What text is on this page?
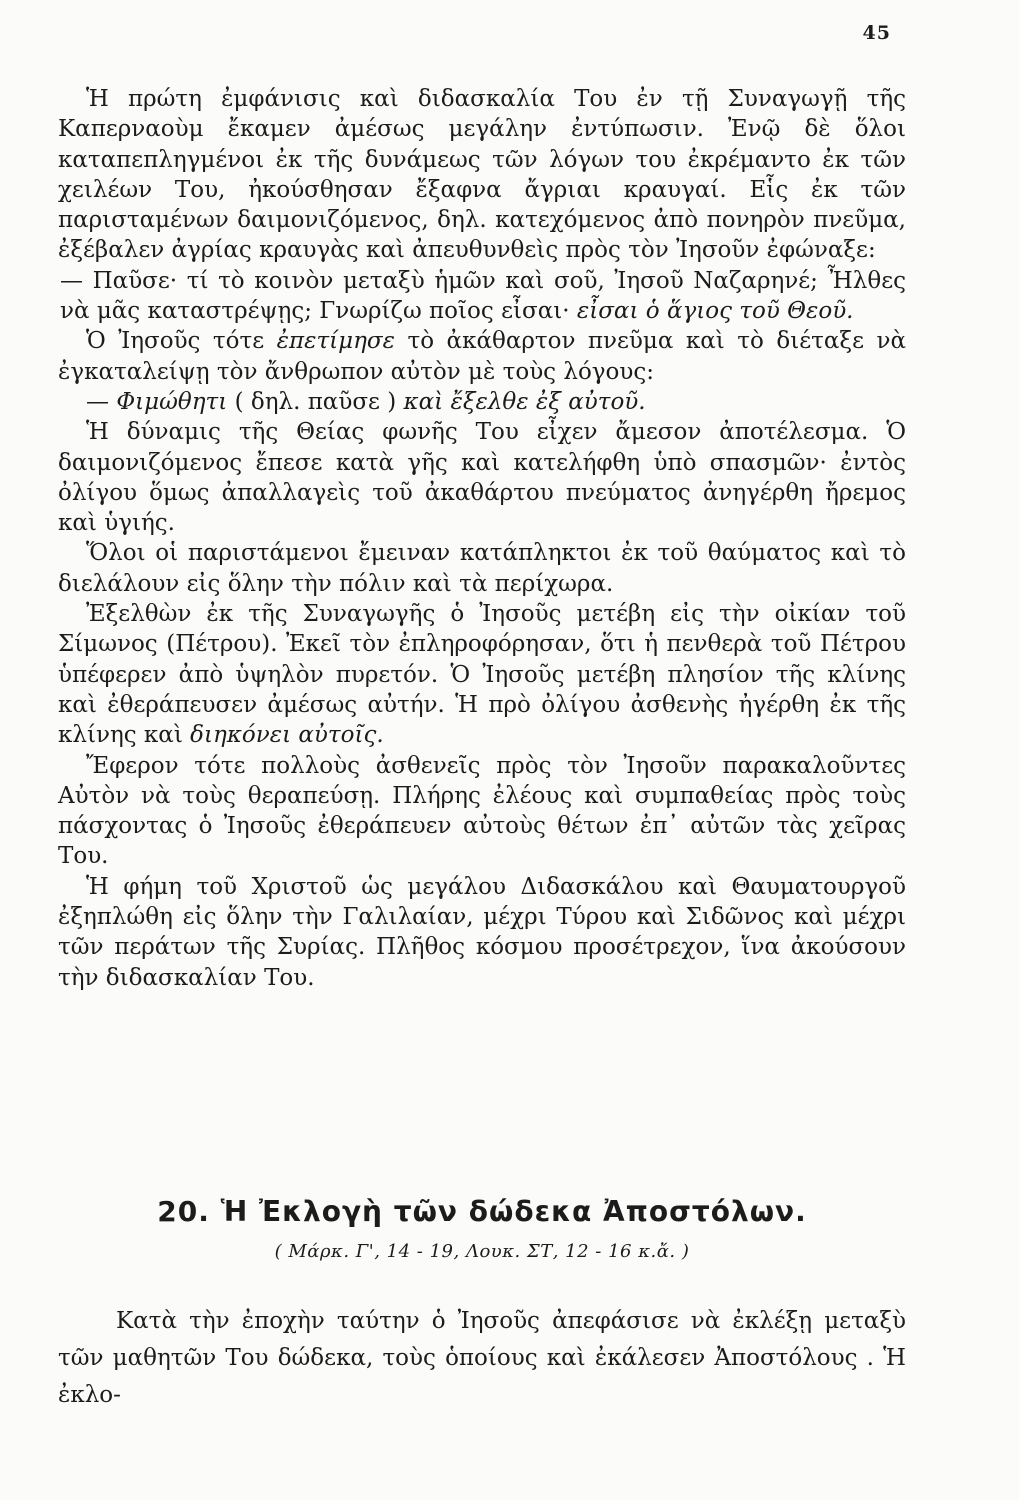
45

Ἡ πρώτη ἐμφάνισις καὶ διδασκαλία Του ἐν τῇ Συναγωγῇ τῆς Καπερναοὺμ ἔκαμεν ἀμέσως μεγάλην ἐντύπωσιν. Ἐνῷ δὲ ὅλοι καταπεπληγμένοι ἐκ τῆς δυνάμεως τῶν λόγων του ἐκρέμαντο ἐκ τῶν χειλέων Του, ἠκούσθησαν ἔξαφνα ἄγριαι κραυγαί. Εἷς ἐκ τῶν παρισταμένων δαιμονιζόμενος, δηλ. κατεχόμενος ἀπὸ πονηρὸν πνεῦμα, ἐξέβαλεν ἀγρίας κραυγὰς καὶ ἀπευθυνθεὶς πρὸς τὸν Ἰησοῦν ἐφώναξε:

— Παῦσε· τί τὸ κοινὸν μεταξὺ ἡμῶν καὶ σοῦ, Ἰησοῦ Ναζαρηνέ; Ἦλθες νὰ μᾶς καταστρέψῃς; Γνωρίζω ποῖος εἶσαι· εἶσαι ὁ ἅγιος τοῦ Θεοῦ.

Ὁ Ἰησοῦς τότε ἐπετίμησε τὸ ἀκάθαρτον πνεῦμα καὶ τὸ διέταξε νὰ ἐγκαταλείψῃ τὸν ἄνθρωπον αὐτὸν μὲ τοὺς λόγους:

— Φιμώθητι ( δηλ. παῦσε ) καὶ ἔξελθε ἐξ αὐτοῦ.

Ἡ δύναμις τῆς Θείας φωνῆς Του εἶχεν ἄμεσον ἀποτέλεσμα. Ὁ δαιμονιζόμενος ἔπεσε κατὰ γῆς καὶ κατελήφθη ὑπὸ σπασμῶν· ἐντὸς ὀλίγου ὅμως ἀπαλλαγεὶς τοῦ ἀκαθάρτου πνεύματος ἀνηγέρθη ἤρεμος καὶ ὑγιής.

Ὅλοι οἱ παριστάμενοι ἔμειναν κατάπληκτοι ἐκ τοῦ θαύματος καὶ τὸ διελάλουν εἰς ὅλην τὴν πόλιν καὶ τὰ περίχωρα.

Ἐξελθὼν ἐκ τῆς Συναγωγῆς ὁ Ἰησοῦς μετέβη εἰς τὴν οἰκίαν τοῦ Σίμωνος (Πέτρου). Ἐκεῖ τὸν ἐπληροφόρησαν, ὅτι ἡ πενθερὰ τοῦ Πέτρου ὑπέφερεν ἀπὸ ὑψηλὸν πυρετόν. Ὁ Ἰησοῦς μετέβη πλησίον τῆς κλίνης καὶ ἐθεράπευσεν ἀμέσως αὐτήν. Ἡ πρὸ ὀλίγου ἀσθενὴς ἠγέρθη ἐκ τῆς κλίνης καὶ διηκόνει αὐτοῖς.

Ἔφερον τότε πολλοὺς ἀσθενεῖς πρὸς τὸν Ἰησοῦν παρακαλοῦντες Αὐτὸν νὰ τοὺς θεραπεύσῃ. Πλήρης ἐλέους καὶ συμπαθείας πρὸς τοὺς πάσχοντας ὁ Ἰησοῦς ἐθεράπευεν αὐτοὺς θέτων ἐπ᾽ αὐτῶν τὰς χεῖρας Του.

Ἡ φήμη τοῦ Χριστοῦ ὡς μεγάλου Διδασκάλου καὶ Θαυματουργοῦ ἐξηπλώθη εἰς ὅλην τὴν Γαλιλαίαν, μέχρι Τύρου καὶ Σιδῶνος καὶ μέχρι τῶν περάτων τῆς Συρίας. Πλῆθος κόσμου προσέτρεχον, ἵνα ἀκούσουν τὴν διδασκαλίαν Του.

20. Ἡ Ἐκλογὴ τῶν δώδεκα Ἀποστόλων.
( Μάρκ. Γ', 14 - 19, Λουκ. ΣΤ, 12 - 16 κ.ἄ. )

Κατὰ τὴν ἐποχὴν ταύτην ὁ Ἰησοῦς ἀπεφάσισε νὰ ἐκλέξῃ μεταξὺ τῶν μαθητῶν Του δώδεκα, τοὺς ὁποίους καὶ ἐκάλεσεν Ἀποστόλους . Ἡ ἐκλο-
